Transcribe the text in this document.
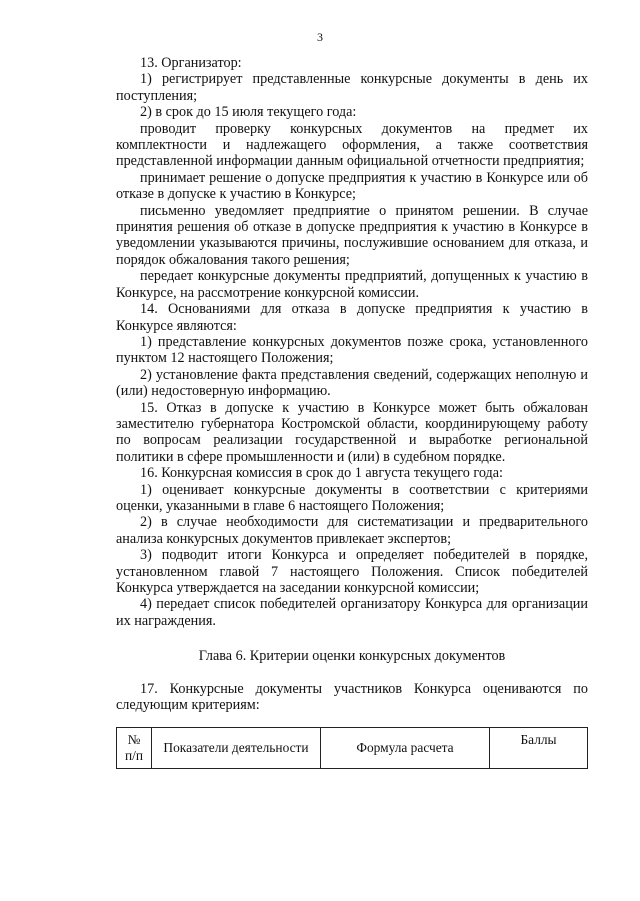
3

13. Организатор:

1) регистрирует представленные конкурсные документы в день их поступления;

2) в срок до 15 июля текущего года:

проводит проверку конкурсных документов на предмет их комплектности и надлежащего оформления, а также соответствия представленной информации данным официальной отчетности предприятия;

принимает решение о допуске предприятия к участию в Конкурсе или об отказе в допуске к участию в Конкурсе;

письменно уведомляет предприятие о принятом решении. В случае принятия решения об отказе в допуске предприятия к участию в Конкурсе в уведомлении указываются причины, послужившие основанием для отказа, и порядок обжалования такого решения;

передает конкурсные документы предприятий, допущенных к участию в Конкурсе, на рассмотрение конкурсной комиссии.

14. Основаниями для отказа в допуске предприятия к участию в Конкурсе являются:

1) представление конкурсных документов позже срока, установленного пунктом 12 настоящего Положения;

2) установление факта представления сведений, содержащих неполную и (или) недостоверную информацию.

15. Отказ в допуске к участию в Конкурсе может быть обжалован заместителю губернатора Костромской области, координирующему работу по вопросам реализации государственной и выработке региональной политики в сфере промышленности и (или) в судебном порядке.

16. Конкурсная комиссия в срок до 1 августа текущего года:

1) оценивает конкурсные документы в соответствии с критериями оценки, указанными в главе 6 настоящего Положения;

2) в случае необходимости для систематизации и предварительного анализа конкурсных документов привлекает экспертов;

3) подводит итоги Конкурса и определяет победителей в порядке, установленном главой 7 настоящего Положения. Список победителей Конкурса утверждается на заседании конкурсной комиссии;

4) передает список победителей организатору Конкурса для организации их награждения.

Глава 6. Критерии оценки конкурсных документов

17. Конкурсные документы участников Конкурса оцениваются по следующим критериям:

№ п/п	Показатели деятельности	Формула расчета	Баллы
